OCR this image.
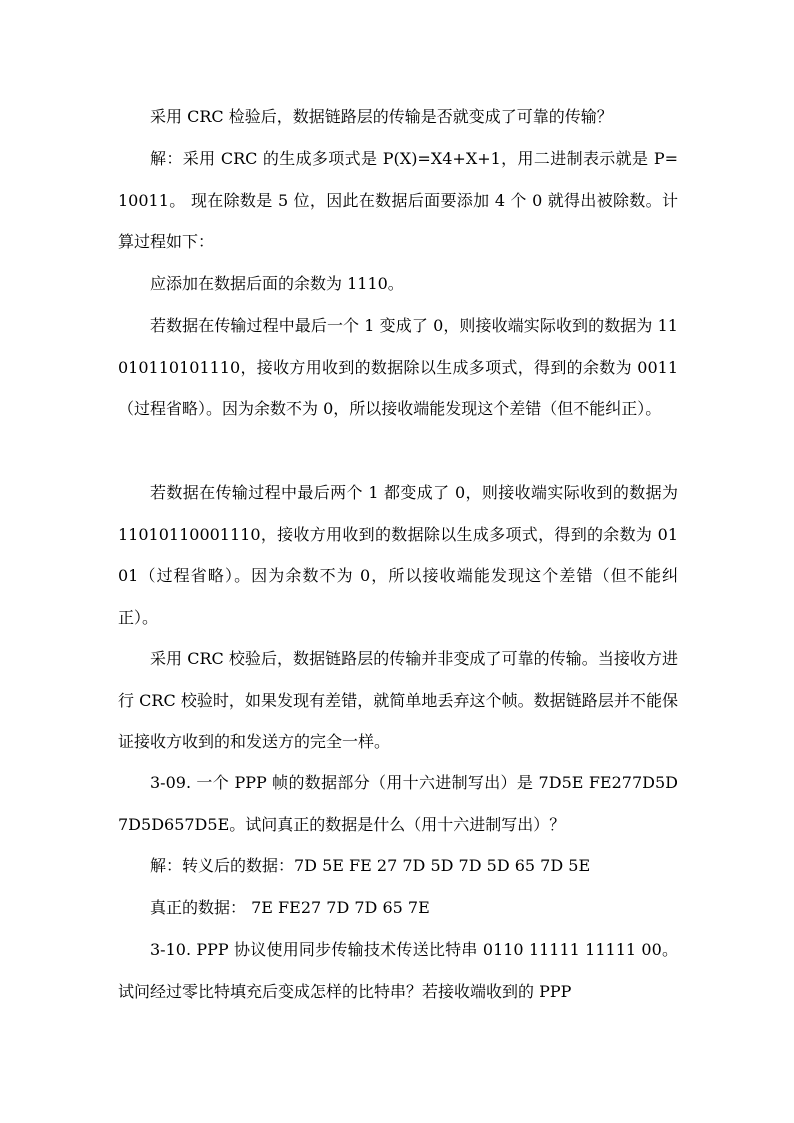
采用 CRC 检验后，数据链路层的传输是否就变成了可靠的传输？

解：采用 CRC 的生成多项式是 P(X)=X4+X+1，用二进制表示就是 P=10011。 现在除数是 5 位，因此在数据后面要添加 4 个 0 就得出被除数。计算过程如下：

应添加在数据后面的余数为 1110。

若数据在传输过程中最后一个 1 变成了 0，则接收端实际收到的数据为 11010110101110，接收方用收到的数据除以生成多项式，得到的余数为 0011（过程省略）。因为余数不为 0，所以接收端能发现这个差错（但不能纠正）。

若数据在传输过程中最后两个 1 都变成了 0，则接收端实际收到的数据为 11010110001110，接收方用收到的数据除以生成多项式，得到的余数为 0101（过程省略）。因为余数不为 0，所以接收端能发现这个差错（但不能纠正）。

采用 CRC 校验后，数据链路层的传输并非变成了可靠的传输。当接收方进行 CRC 校验时，如果发现有差错，就简单地丢弃这个帧。数据链路层并不能保证接收方收到的和发送方的完全一样。

3-09. 一个 PPP 帧的数据部分（用十六进制写出）是 7D5E FE277D5D 7D5D657D5E。试问真正的数据是什么（用十六进制写出）？

解：转义后的数据：7D 5E FE 27 7D 5D 7D 5D 65 7D 5E

真正的数据： 7E FE27 7D 7D 65 7E

3-10. PPP 协议使用同步传输技术传送比特串 0110 11111 11111 00。试问经过零比特填充后变成怎样的比特串？若接收端收到的 PPP
